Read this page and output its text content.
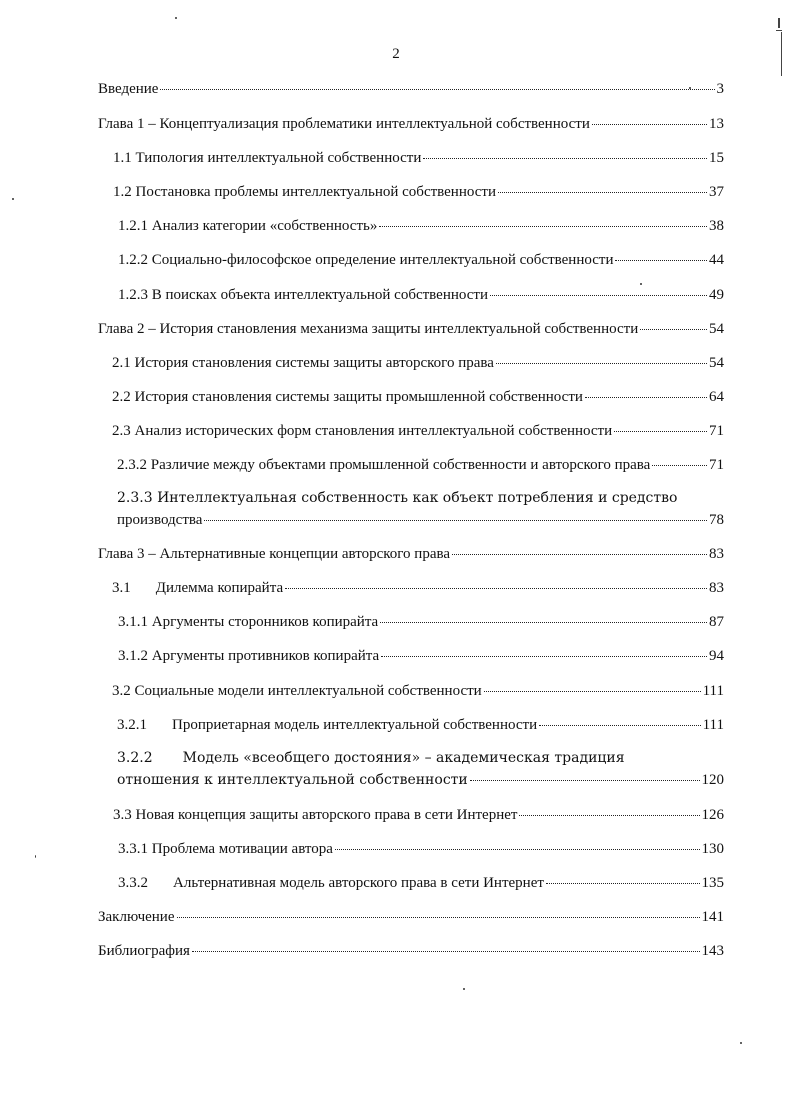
2
Введение	3
Глава 1 – Концептуализация проблематики интеллектуальной собственности	13
1.1 Типология интеллектуальной собственности	15
1.2 Постановка проблемы интеллектуальной собственности	37
1.2.1 Анализ категории «собственность»	38
1.2.2 Социально-философское определение интеллектуальной собственности	44
1.2.3 В поисках объекта интеллектуальной собственности	49
Глава 2 – История становления механизма защиты интеллектуальной собственности	54
2.1 История становления системы защиты авторского права	54
2.2 История становления системы защиты промышленной собственности	64
2.3 Анализ исторических форм становления интеллектуальной собственности	71
2.3.2 Различие между объектами промышленной собственности и авторского права	71
2.3.3 Интеллектуальная собственность как объект потребления и средство
производства	78
Глава 3 – Альтернативные концепции авторского права	83
3.1 Дилемма копирайта	83
3.1.1 Аргументы сторонников копирайта	87
3.1.2 Аргументы противников копирайта	94
3.2 Социальные модели интеллектуальной собственности	111
3.2.1 Проприетарная модель интеллектуальной собственности	111
3.2.2 Модель «всеобщего достояния» – академическая традиция
отношения к интеллектуальной собственности	120
3.3 Новая концепция защиты авторского права в сети Интернет	126
3.3.1 Проблема мотивации автора	130
3.3.2 Альтернативная модель авторского права в сети Интернет	135
Заключение	141
Библиография	143
